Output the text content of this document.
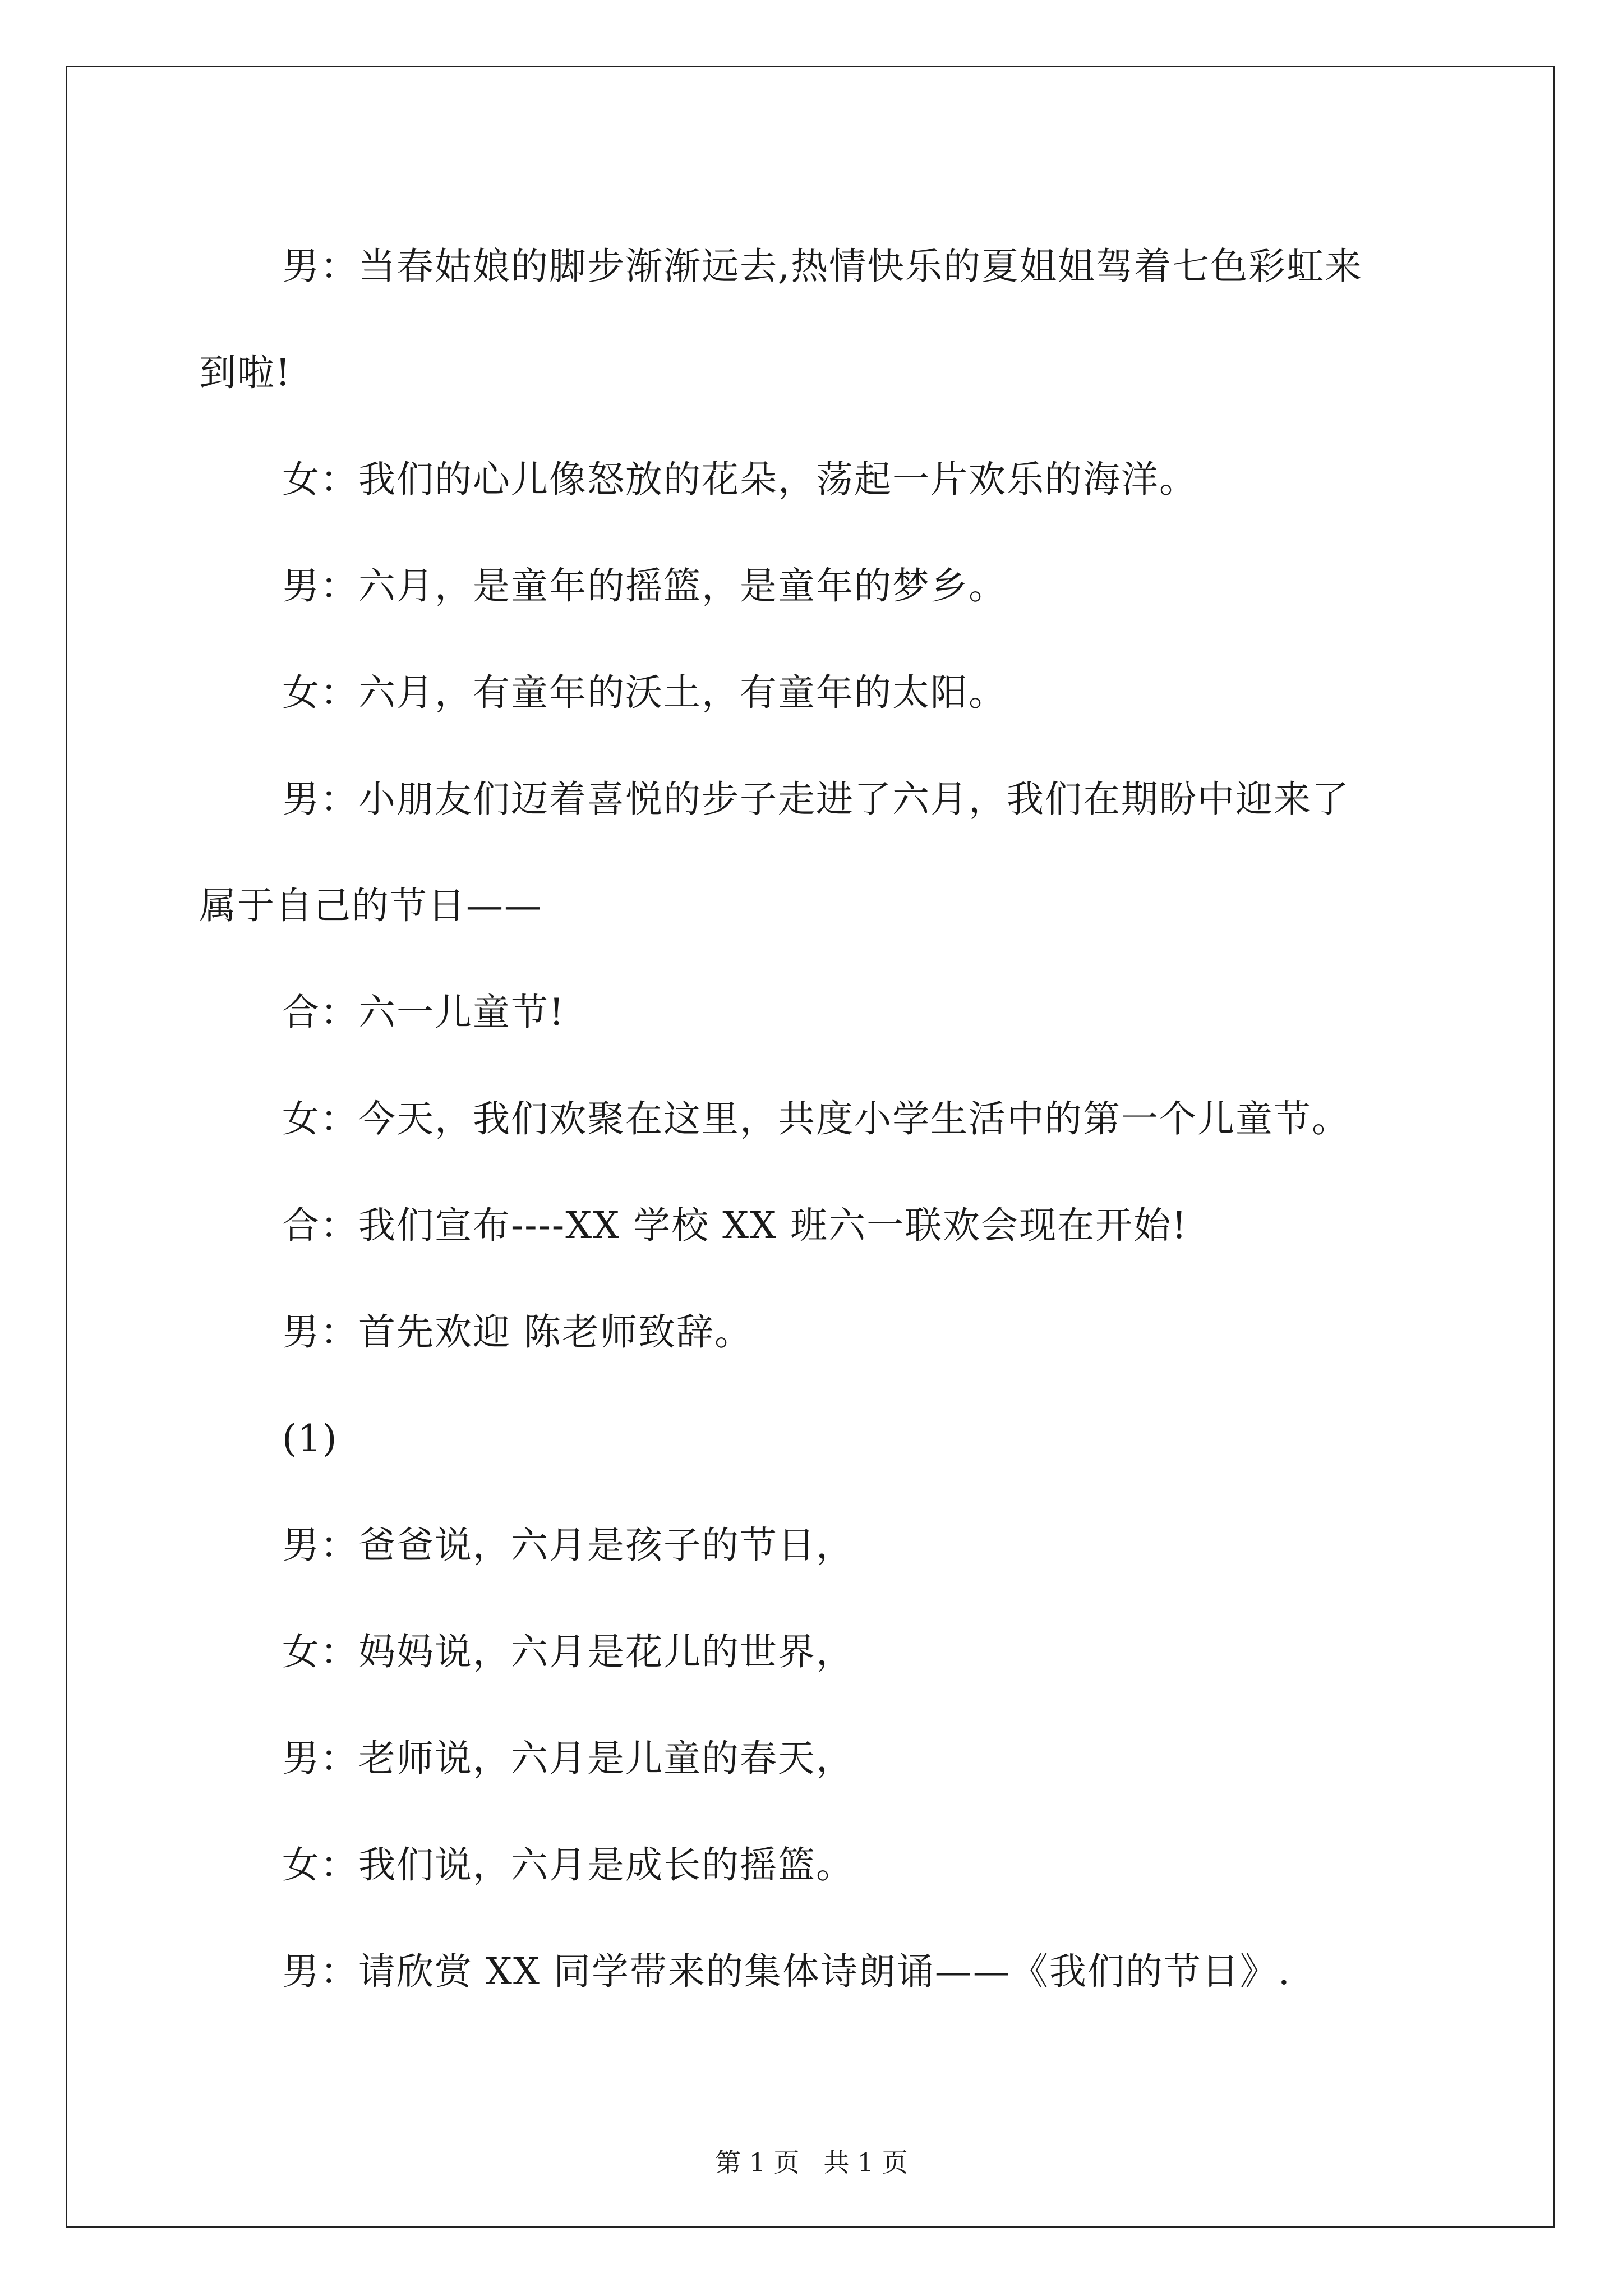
男：当春姑娘的脚步渐渐远去,热情快乐的夏姐姐驾着七色彩虹来

到啦!

女：我们的心儿像怒放的花朵，荡起一片欢乐的海洋。

男：六月，是童年的摇篮，是童年的梦乡。

女：六月，有童年的沃土，有童年的太阳。

男：小朋友们迈着喜悦的步子走进了六月，我们在期盼中迎来了

属于自己的节日——

合：六一儿童节!

女：今天，我们欢聚在这里，共度小学生活中的第一个儿童节。

合：我们宣布----XX 学校 XX 班六一联欢会现在开始!

男：首先欢迎 陈老师致辞。

(1)

男：爸爸说，六月是孩子的节日，

女：妈妈说，六月是花儿的世界，

男：老师说，六月是儿童的春天，

女：我们说，六月是成长的摇篮。

男：请欣赏 XX 同学带来的集体诗朗诵——《我们的节日》.

第 1 页 共 1 页
